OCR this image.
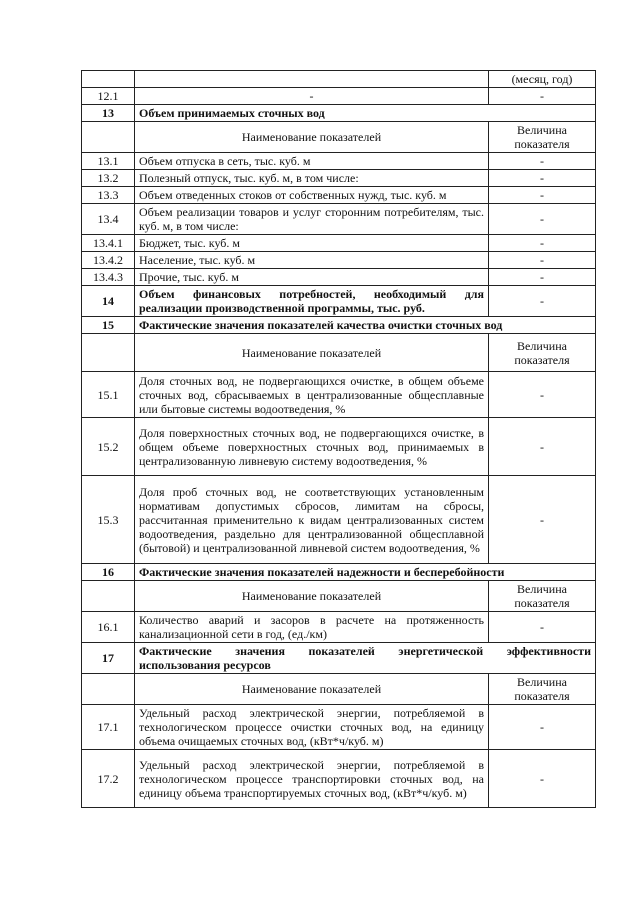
		(месяц, год)
12.1	-	-
13	Объем принимаемых сточных вод	
	Наименование показателей	Величина показателя
13.1	Объем отпуска в сеть, тыс. куб. м	-
13.2	Полезный отпуск, тыс. куб. м, в том числе:	-
13.3	Объем отведенных стоков от собственных нужд, тыс. куб. м	-
13.4	Объем реализации товаров и услуг сторонним потребителям, тыс. куб. м, в том числе:	-
13.4.1	Бюджет, тыс. куб. м	-
13.4.2	Население, тыс. куб. м	-
13.4.3	Прочие, тыс. куб. м	-
14	Объем финансовых потребностей, необходимый для реализации производственной программы, тыс. руб.	-
15	Фактические значения показателей качества очистки сточных вод	
	Наименование показателей	Величина показателя
15.1	Доля сточных вод, не подвергающихся очистке, в общем объеме сточных вод, сбрасываемых в централизованные общесплавные или бытовые системы водоотведения, %	-
15.2	Доля поверхностных сточных вод, не подвергающихся очистке, в общем объеме поверхностных сточных вод, принимаемых в централизованную ливневую систему водоотведения, %	-
15.3	Доля проб сточных вод, не соответствующих установленным нормативам допустимых сбросов, лимитам на сбросы, рассчитанная применительно к видам централизованных систем водоотведения, раздельно для централизованной общесплавной (бытовой) и централизованной ливневой систем водоотведения, %	-
16	Фактические значения показателей надежности и бесперебойности	
	Наименование показателей	Величина показателя
16.1	Количество аварий и засоров в расчете на протяженность канализационной сети в год, (ед./км)	-
17	Фактические значения показателей энергетической эффективности использования ресурсов	
	Наименование показателей	Величина показателя
17.1	Удельный расход электрической энергии, потребляемой в технологическом процессе очистки сточных вод, на единицу объема очищаемых сточных вод, (кВт*ч/куб. м)	-
17.2	Удельный расход электрической энергии, потребляемой в технологическом процессе транспортировки сточных вод, на единицу объема транспортируемых сточных вод, (кВт*ч/куб. м)	-
